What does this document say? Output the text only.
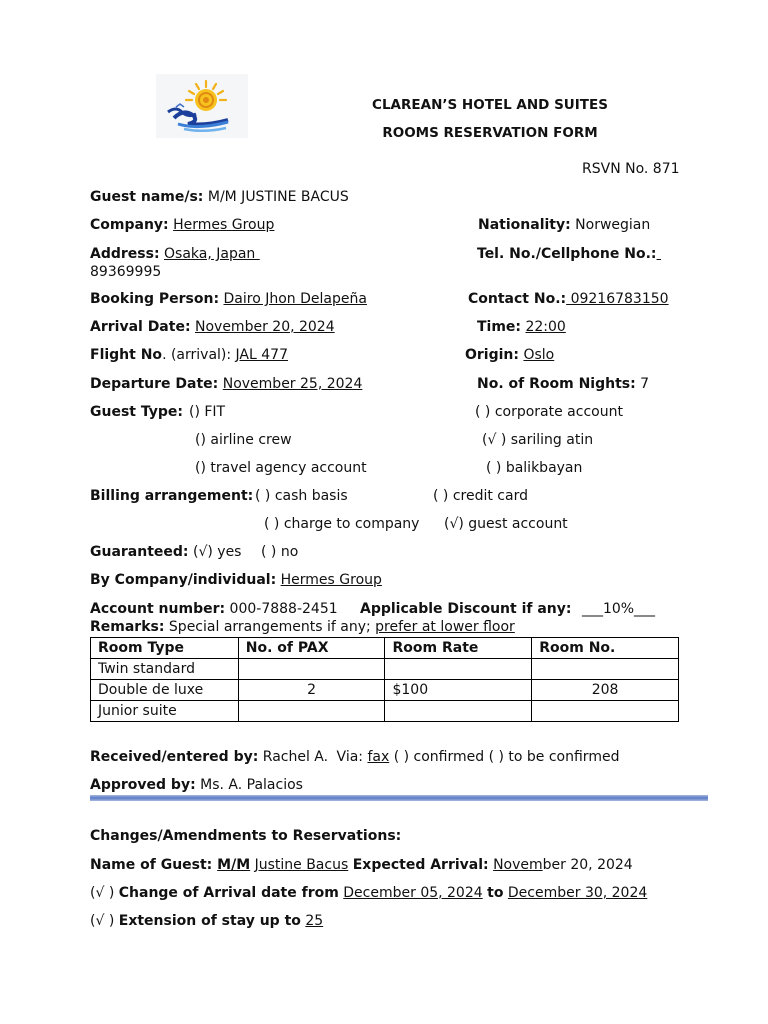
CLAREAN’S HOTEL AND SUITES
ROOMS RESERVATION FORM
RSVN No. 871
Guest name/s: M/M JUSTINE BACUS
Company: Hermes Group	Nationality: Norwegian
Address: Osaka, Japan	Tel. No./Cellphone No.:
89369995
Booking Person: Dairo Jhon Delapeña	Contact No.: 09216783150
Arrival Date: November 20, 2024	Time: 22:00
Flight No. (arrival): JAL 477	Origin: Oslo
Departure Date: November 25, 2024	No. of Room Nights: 7
Guest Type: () FIT	( ) corporate account
() airline crew	(√ ) sariling atin
() travel agency account	( ) balikbayan
Billing arrangement: ( ) cash basis	( ) credit card
( ) charge to company (√) guest account
Guaranteed: (√) yes ( ) no
By Company/individual: Hermes Group
Account number: 000-7888-2451 Applicable Discount if any: ___10%___
Remarks: Special arrangements if any; prefer at lower floor
Room Type	No. of PAX	Room Rate	Room No.
Twin standard			
Double de luxe	2	$100	208
Junior suite			
Received/entered by: Rachel A. Via: fax ( ) confirmed ( ) to be confirmed
Approved by: Ms. A. Palacios
Changes/Amendments to Reservations:
Name of Guest: M/M Justine Bacus Expected Arrival: November 20, 2024
(√ ) Change of Arrival date from December 05, 2024 to December 30, 2024
(√ ) Extension of stay up to 25
